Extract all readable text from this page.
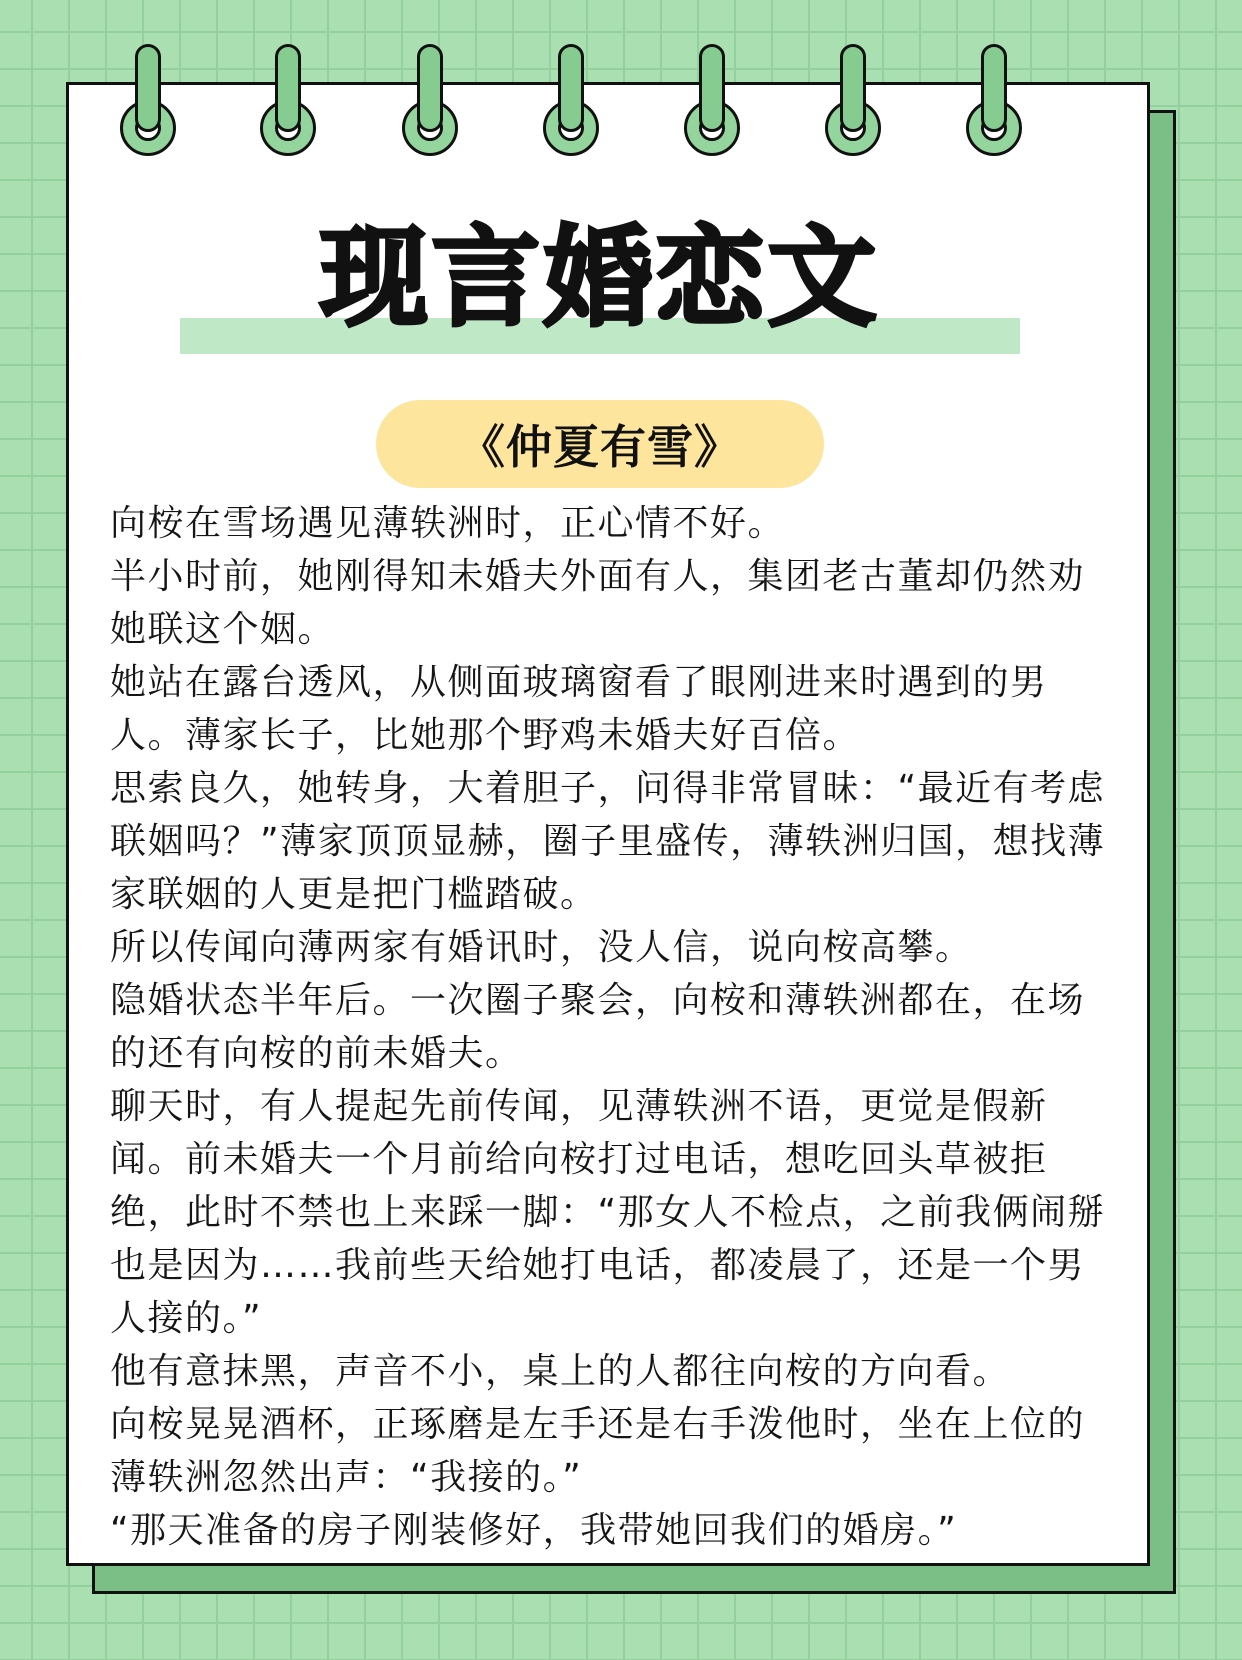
现言婚恋文
《仲夏有雪》

向桉在雪场遇见薄轶洲时，正心情不好。

半小时前，她刚得知未婚夫外面有人，集团老古董却仍然劝她联这个姻。

她站在露台透风，从侧面玻璃窗看了眼刚进来时遇到的男人。薄家长子，比她那个野鸡未婚夫好百倍。

思索良久，她转身，大着胆子，问得非常冒昧：“最近有考虑联姻吗？”薄家顶顶显赫，圈子里盛传，薄轶洲归国，想找薄家联姻的人更是把门槛踏破。

所以传闻向薄两家有婚讯时，没人信，说向桉高攀。

隐婚状态半年后。一次圈子聚会，向桉和薄轶洲都在，在场的还有向桉的前未婚夫。

聊天时，有人提起先前传闻，见薄轶洲不语，更觉是假新闻。前未婚夫一个月前给向桉打过电话，想吃回头草被拒绝，此时不禁也上来踩一脚：“那女人不检点，之前我俩闹掰也是因为……我前些天给她打电话，都凌晨了，还是一个男人接的。”

他有意抹黑，声音不小，桌上的人都往向桉的方向看。

向桉晃晃酒杯，正琢磨是左手还是右手泼他时，坐在上位的薄轶洲忽然出声：“我接的。”

“那天准备的房子刚装修好，我带她回我们的婚房。”
